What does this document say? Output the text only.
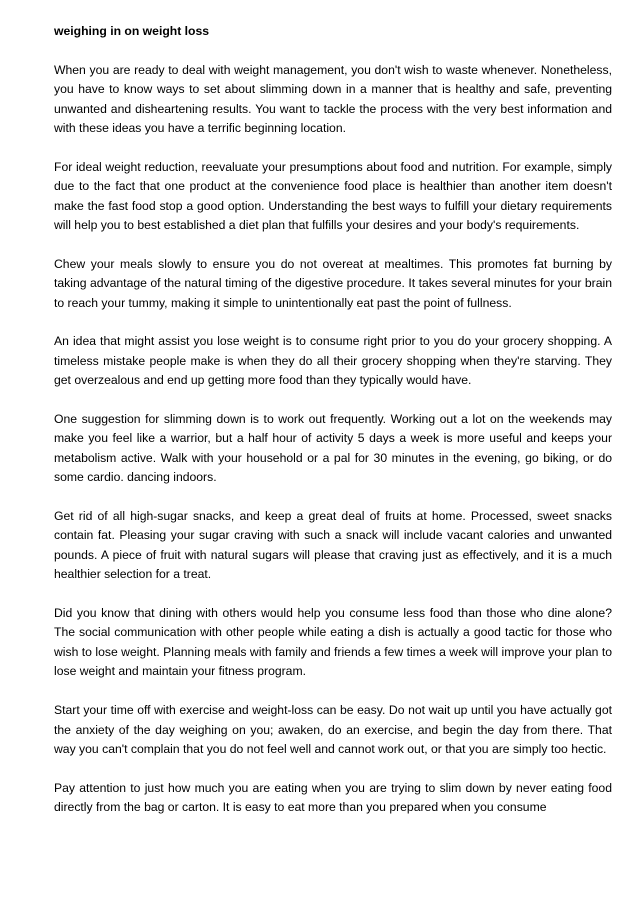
weighing in on weight loss

When you are ready to deal with weight management, you don't wish to waste whenever. Nonetheless, you have to know ways to set about slimming down in a manner that is healthy and safe, preventing unwanted and disheartening results. You want to tackle the process with the very best information and with these ideas you have a terrific beginning location.

For ideal weight reduction, reevaluate your presumptions about food and nutrition. For example, simply due to the fact that one product at the convenience food place is healthier than another item doesn't make the fast food stop a good option. Understanding the best ways to fulfill your dietary requirements will help you to best established a diet plan that fulfills your desires and your body's requirements.

Chew your meals slowly to ensure you do not overeat at mealtimes. This promotes fat burning by taking advantage of the natural timing of the digestive procedure. It takes several minutes for your brain to reach your tummy, making it simple to unintentionally eat past the point of fullness.

An idea that might assist you lose weight is to consume right prior to you do your grocery shopping. A timeless mistake people make is when they do all their grocery shopping when they're starving. They get overzealous and end up getting more food than they typically would have.

One suggestion for slimming down is to work out frequently. Working out a lot on the weekends may make you feel like a warrior, but a half hour of activity 5 days a week is more useful and keeps your metabolism active. Walk with your household or a pal for 30 minutes in the evening, go biking, or do some cardio. dancing indoors.

Get rid of all high-sugar snacks, and keep a great deal of fruits at home. Processed, sweet snacks contain fat. Pleasing your sugar craving with such a snack will include vacant calories and unwanted pounds. A piece of fruit with natural sugars will please that craving just as effectively, and it is a much healthier selection for a treat.

Did you know that dining with others would help you consume less food than those who dine alone? The social communication with other people while eating a dish is actually a good tactic for those who wish to lose weight. Planning meals with family and friends a few times a week will improve your plan to lose weight and maintain your fitness program.

Start your time off with exercise and weight-loss can be easy. Do not wait up until you have actually got the anxiety of the day weighing on you; awaken, do an exercise, and begin the day from there. That way you can't complain that you do not feel well and cannot work out, or that you are simply too hectic.

Pay attention to just how much you are eating when you are trying to slim down by never eating food directly from the bag or carton. It is easy to eat more than you prepared when you consume
